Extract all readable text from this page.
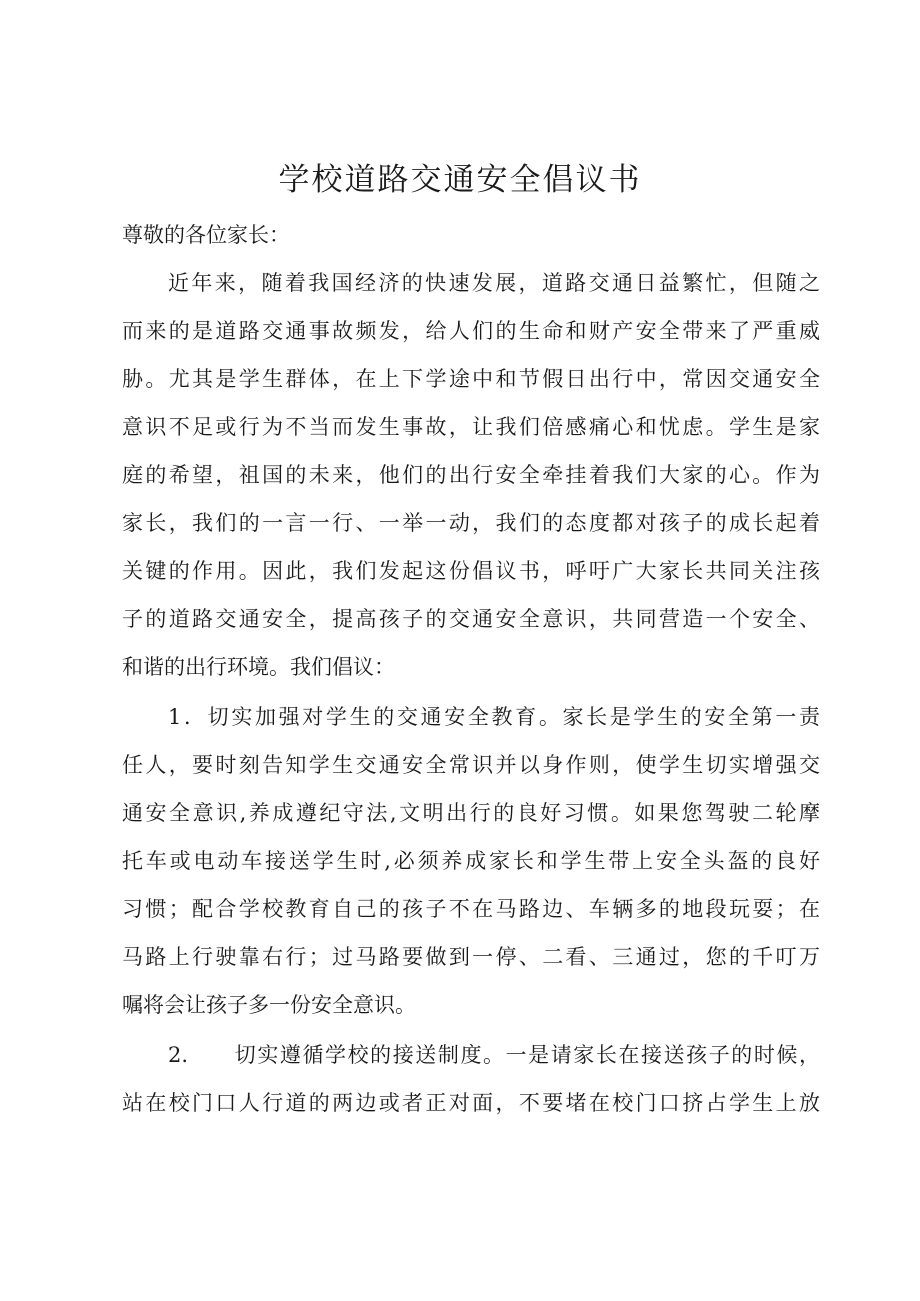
学校道路交通安全倡议书

尊敬的各位家长：

近年来，随着我国经济的快速发展，道路交通日益繁忙，但随之

而来的是道路交通事故频发，给人们的生命和财产安全带来了严重威

胁。尤其是学生群体，在上下学途中和节假日出行中，常因交通安全

意识不足或行为不当而发生事故，让我们倍感痛心和忧虑。学生是家

庭的希望，祖国的未来，他们的出行安全牵挂着我们大家的心。作为

家长，我们的一言一行、一举一动，我们的态度都对孩子的成长起着

关键的作用。因此，我们发起这份倡议书，呼吁广大家长共同关注孩

子的道路交通安全，提高孩子的交通安全意识，共同营造一个安全、

和谐的出行环境。我们倡议：

1．切实加强对学生的交通安全教育。家长是学生的安全第一责

任人，要时刻告知学生交通安全常识并以身作则，使学生切实增强交

通安全意识,养成遵纪守法,文明出行的良好习惯。如果您驾驶二轮摩

托车或电动车接送学生时,必须养成家长和学生带上安全头盔的良好

习惯；配合学校教育自己的孩子不在马路边、车辆多的地段玩耍；在

马路上行驶靠右行；过马路要做到一停、二看、三通过，您的千叮万

嘱将会让孩子多一份安全意识。

2.　　切实遵循学校的接送制度。一是请家长在接送孩子的时候，

站在校门口人行道的两边或者正对面，不要堵在校门口挤占学生上放
